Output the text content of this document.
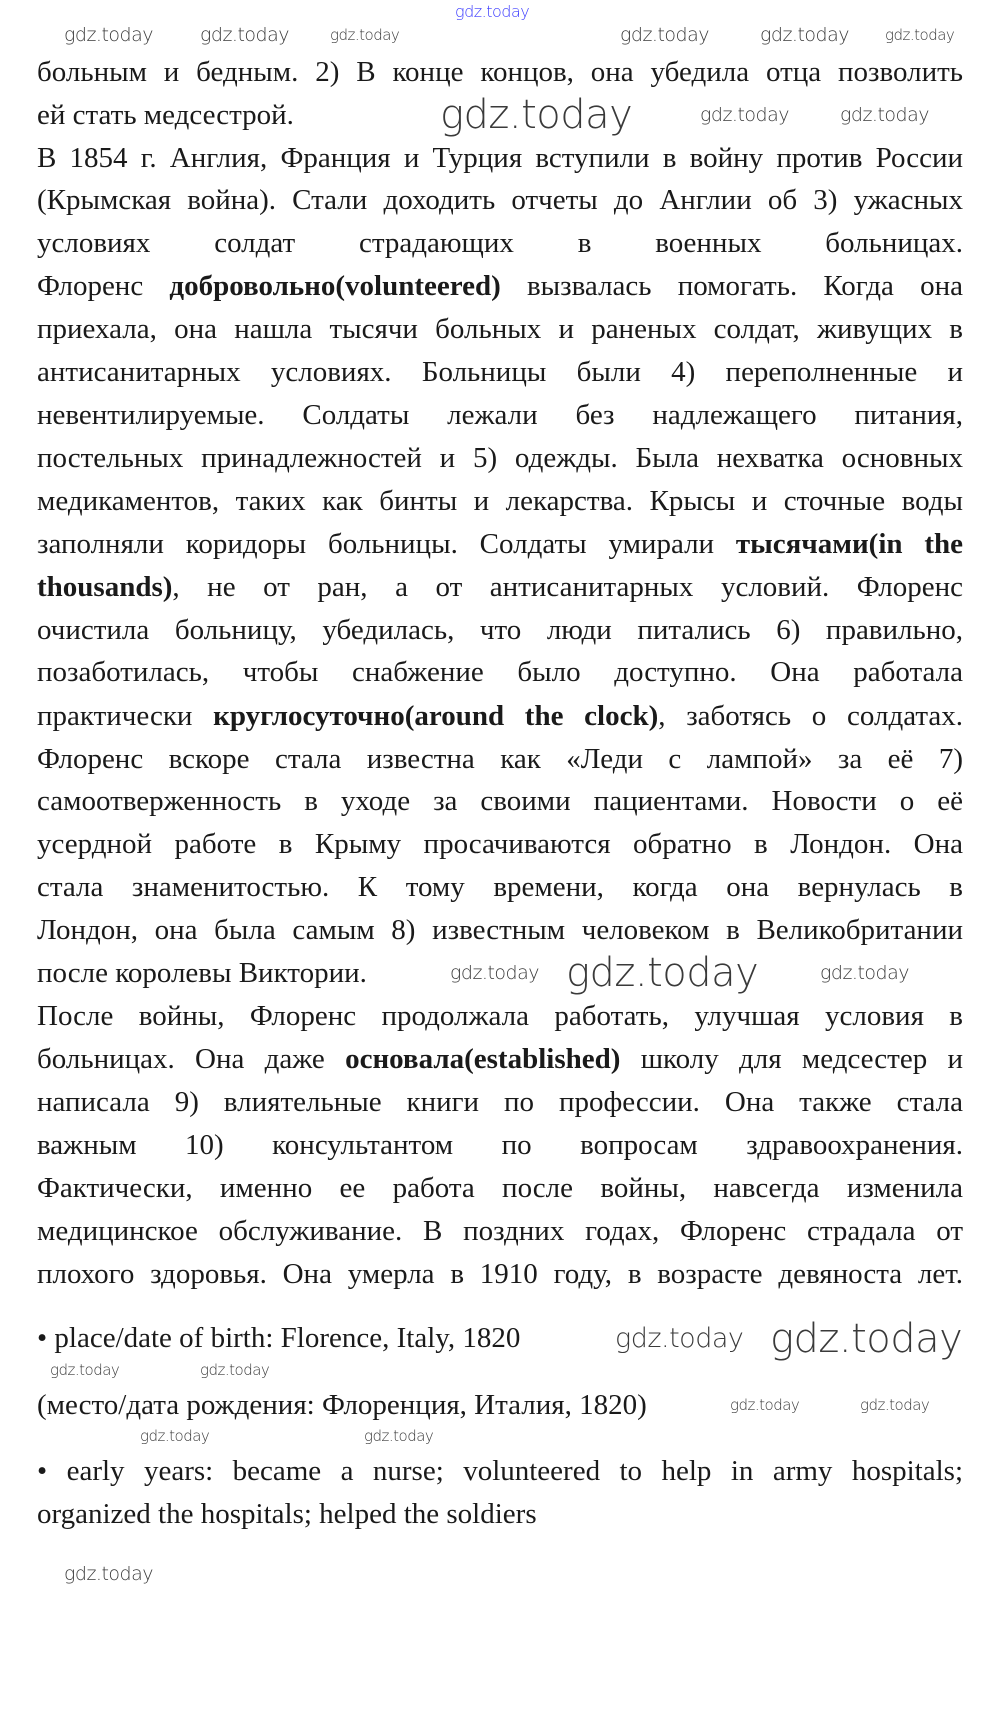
больным и бедным. 2) В конце концов, она убедила отца позволить
ей стать медсестрой.
В 1854 г. Англия, Франция и Турция вступили в войну против России
(Крымская война). Стали доходить отчеты до Англии об 3) ужасных
условиях солдат страдающих в военных больницах.
Флоренс добровольно(volunteered) вызвалась помогать. Когда она
приехала, она нашла тысячи больных и раненых солдат, живущих в
антисанитарных условиях. Больницы были 4) переполненные и
невентилируемые. Солдаты лежали без надлежащего питания,
постельных принадлежностей и 5) одежды. Была нехватка основных
медикаментов, таких как бинты и лекарства. Крысы и сточные воды
заполняли коридоры больницы. Солдаты умирали тысячами(in the
thousands), не от ран, а от антисанитарных условий. Флоренс
очистила больницу, убедилась, что люди питались 6) правильно,
позаботилась, чтобы снабжение было доступно. Она работала
практически круглосуточно(around the clock), заботясь о солдатах.
Флоренс вскоре стала известна как «Леди с лампой» за её 7)
самоотверженность в уходе за своими пациентами. Новости о её
усердной работе в Крыму просачиваются обратно в Лондон. Она
стала знаменитостью. К тому времени, когда она вернулась в
Лондон, она была самым 8) известным человеком в Великобритании
после королевы Виктории.
После войны, Флоренс продолжала работать, улучшая условия в
больницах. Она даже основала(established) школу для медсестер и
написала 9) влиятельные книги по профессии. Она также стала
важным 10) консультантом по вопросам здравоохранения.
Фактически, именно ее работа после войны, навсегда изменила
медицинское обслуживание. В поздних годах, Флоренс страдала от
плохого здоровья. Она умерла в 1910 году, в возрасте девяноста лет.
• place/date of birth: Florence, Italy, 1820
(место/дата рождения: Флоренция, Италия, 1820)
• early years: became a nurse; volunteered to help in army hospitals;
organized the hospitals; helped the soldiers
gdz.today
gdz.today gdz.today	gdz.today	gdz.today	gdz.today gdz.today
gdz.today	gdz.today	gdz.today
gdz.today gdz.today	gdz.today
gdz.today gdz.today
gdz.today	gdz.today
gdz.today	gdz.today
gdz.today	gdz.today
gdz.today
